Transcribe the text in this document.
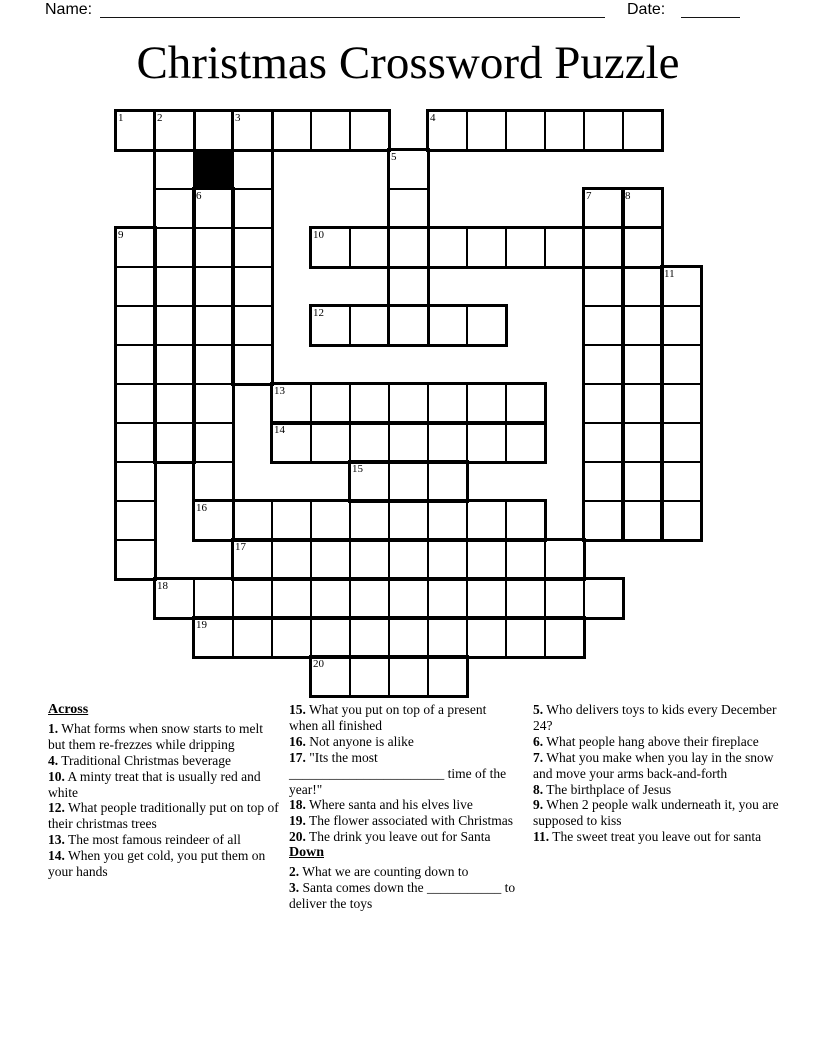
Name:	Date:
Christmas Crossword Puzzle
1	4
10
12
13
14
15
16
17
18
19
20
2	3
5
6	7	8
9
11
Across
1. What forms when snow starts to melt but them re-frezzes while dripping
4. Traditional Christmas beverage
10. A minty treat that is usually red and white
12. What people traditionally put on top of their christmas trees
13. The most famous reindeer of all
14. When you get cold, you put them on your hands
15. What you put on top of a present when all finished
16. Not anyone is alike
17. "Its the most _______________________ time of the year!"
18. Where santa and his elves live
19. The flower associated with Christmas
20. The drink you leave out for Santa
Down
2. What we are counting down to
3. Santa comes down the ___________ to deliver the toys
5. Who delivers toys to kids every December 24?
6. What people hang above their fireplace
7. What you make when you lay in the snow and move your arms back-and-forth
8. The birthplace of Jesus
9. When 2 people walk underneath it, you are supposed to kiss
11. The sweet treat you leave out for santa
